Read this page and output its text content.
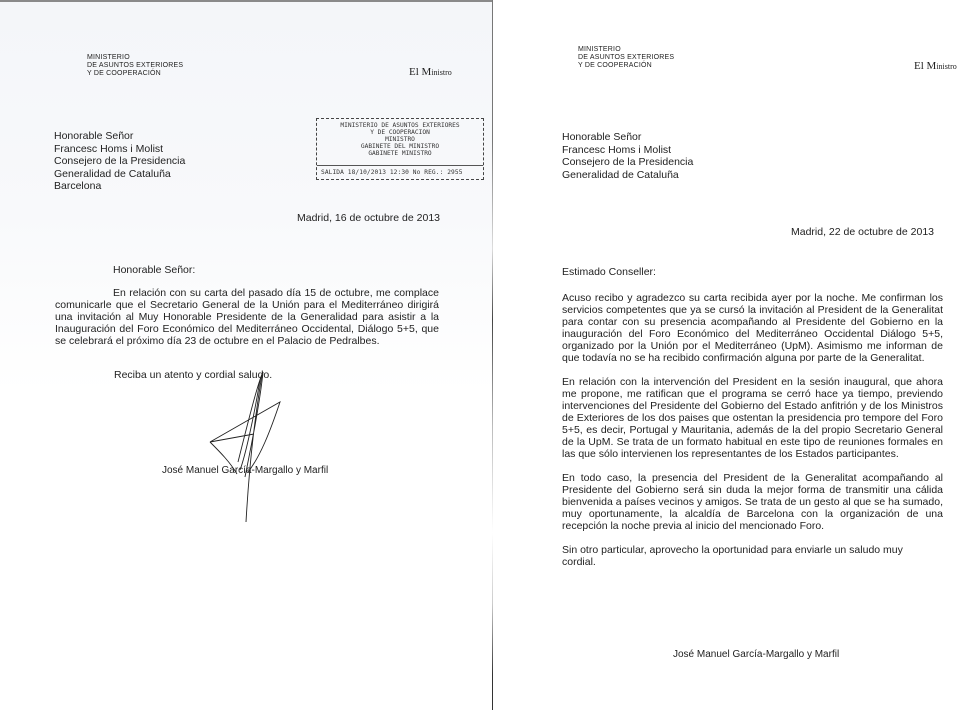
MINISTERIO
DE ASUNTOS EXTERIORES
Y DE COOPERACIÓN	El Ministro
MINISTERIO DE ASUNTOS EXTERIORES
Y DE COOPERACION
MINISTRO
GABINETE DEL MINISTRO
GABINETE MINISTRO
SALIDA 18/10/2013 12:30 No REG.: 2955
Honorable Señor
Francesc Homs i Molist
Consejero de la Presidencia
Generalidad de Cataluña
Barcelona
Madrid, 16 de octubre de 2013
Honorable Señor:

En relación con su carta del pasado día 15 de octubre, me complace comunicarle que el Secretario General de la Unión para el Mediterráneo dirigirá una invitación al Muy Honorable Presidente de la Generalidad para asistir a la Inauguración del Foro Económico del Mediterráneo Occidental, Diálogo 5+5, que se celebrará el próximo día 23 de octubre en el Palacio de Pedralbes.

Reciba un atento y cordial saludo.
José Manuel García-Margallo y Marfil
MINISTERIO
DE ASUNTOS EXTERIORES
Y DE COOPERACIÓN	El Ministro
Honorable Señor
Francesc Homs i Molist
Consejero de la Presidencia
Generalidad de Cataluña
Madrid, 22 de octubre de 2013
Estimado Conseller:

Acuso recibo y agradezco su carta recibida ayer por la noche. Me confirman los servicios competentes que ya se cursó la invitación al President de la Generalitat para contar con su presencia acompañando al Presidente del Gobierno en la inauguración del Foro Económico del Mediterráneo Occidental Diálogo 5+5, organizado por la Unión por el Mediterráneo (UpM). Asimismo me informan de que todavía no se ha recibido confirmación alguna por parte de la Generalitat.

En relación con la intervención del President en la sesión inaugural, que ahora me propone, me ratifican que el programa se cerró hace ya tiempo, previendo intervenciones del Presidente del Gobierno del Estado anfitrión y de los Ministros de Exteriores de los dos paises que ostentan la presidencia pro tempore del Foro 5+5, es decir, Portugal y Mauritania, además de la del propio Secretario General de la UpM. Se trata de un formato habitual en este tipo de reuniones formales en las que sólo intervienen los representantes de los Estados participantes.

En todo caso, la presencia del President de la Generalitat acompañando al Presidente del Gobierno será sin duda la mejor forma de transmitir una cálida bienvenida a países vecinos y amigos. Se trata de un gesto al que se ha sumado, muy oportunamente, la alcaldía de Barcelona con la organización de una recepción la noche previa al inicio del mencionado Foro.

Sin otro particular, aprovecho la oportunidad para enviarle un saludo muy cordial.

José Manuel García-Margallo y Marfil
